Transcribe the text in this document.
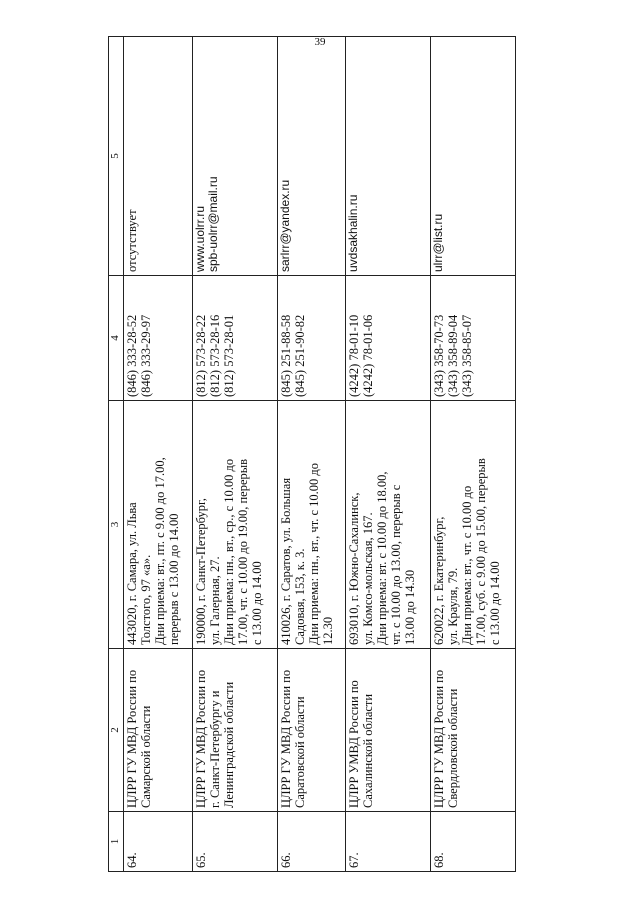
39
1	2	3	4	5
64.	ЦЛРР ГУ МВД России по Самарской области	443020, г. Самара, ул. Льва Толстого, 97 «а». Дни приема: вт., пт. с 9.00 до 17.00, перерыв с 13.00 до 14.00	(846) 333-28-52 (846) 333-29-97	отсутствует

65.	ЦЛРР ГУ МВД России по г. Санкт-Петербургу и Ленинградской области	190000, г. Санкт-Петербург, ул. Галерная, 27. Дни приема: пн., вт., ср., с 10.00 до 17.00, чт. с 10.00 до 19.00, перерыв с 13.00 до 14.00	(812) 573-28-22 (812) 573-28-16 (812) 573-28-01	www.uolrr.ru spb-uolrr@mail.ru

66.	ЦЛРР ГУ МВД России по Саратовской области	410026, г. Саратов, ул. Большая Садовая, 153, к. 3. Дни приема: пн., вт., чт. с 10.00 до 12.30	(845) 251-88-58 (845) 251-90-82	sarlrr@yandex.ru

67.	ЦЛРР УМВД России по Сахалинской области	693010, г. Южно-Сахалинск, ул. Комсо-мольская, 167. Дни приема: вт. с 10.00 до 18.00, чт. с 10.00 до 13.00, перерыв с 13.00 до 14.30	(4242) 78-01-10 (4242) 78-01-06	uvdsakhalin.ru

68.	ЦЛРР ГУ МВД России по Свердловской области	620022, г. Екатеринбург, ул. Крауля, 79. Дни приема: вт., чт. с 10.00 до 17.00, суб. с 9.00 до 15.00, перерыв с 13.00 до 14.00	(343) 358-70-73 (343) 358-89-04 (343) 358-85-07	ulrr@list.ru
